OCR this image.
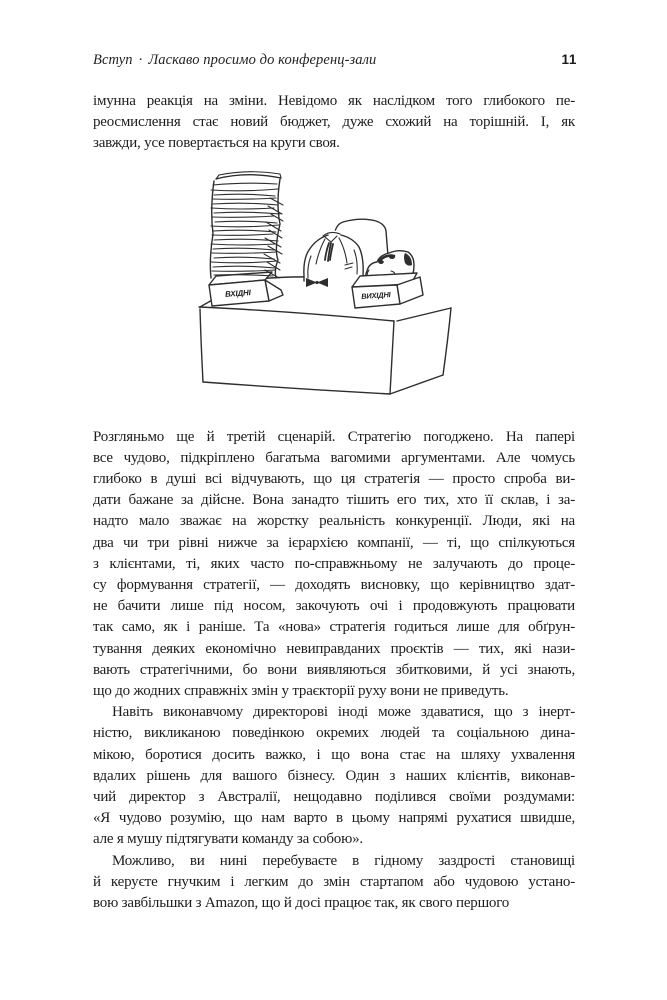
Вступ · Ласкаво просимо до конференц-зали	11
імунна реакція на зміни. Невідомо як наслідком того глибокого пе-
реосмислення стає новий бюджет, дуже схожий на торішній. І, як
завжди, усе повертається на круги своя.
ВИХІДНІ
ВХІДНІ
Розгляньмо ще й третій сценарій. Стратегію погоджено. На папері
все чудово, підкріплено багатьма вагомими аргументами. Але чомусь
глибоко в душі всі відчувають, що ця стратегія — просто спроба ви-
дати бажане за дійсне. Вона занадто тішить его тих, хто її склав, і за-
надто мало зважає на жорстку реальність конкуренції. Люди, які на
два чи три рівні нижче за ієрархією компанії, — ті, що спілкуються
з клієнтами, ті, яких часто по-справжньому не залучають до проце-
су формування стратегії, — доходять висновку, що керівництво здат-
не бачити лише під носом, закочують очі і продовжують працювати
так само, як і раніше. Та «нова» стратегія годиться лише для обґрун-
тування деяких економічно невиправданих проєктів — тих, які нази-
вають стратегічними, бо вони виявляються збитковими, й усі знають,
що до жодних справжніх змін у траєкторії руху вони не приведуть.
Навіть виконавчому директорові іноді може здаватися, що з інерт-
ністю, викликаною поведінкою окремих людей та соціальною дина-
мікою, боротися досить важко, і що вона стає на шляху ухвалення
вдалих рішень для вашого бізнесу. Один з наших клієнтів, виконав-
чий директор з Австралії, нещодавно поділився своїми роздумами:
«Я чудово розумію, що нам варто в цьому напрямі рухатися швидше,
але я мушу підтягувати команду за собою».
Можливо, ви нині перебуваєте в гідному заздрості становищі
й керуєте гнучким і легким до змін стартапом або чудовою устано-
вою завбільшки з Amazon, що й досі працює так, як свого першого
